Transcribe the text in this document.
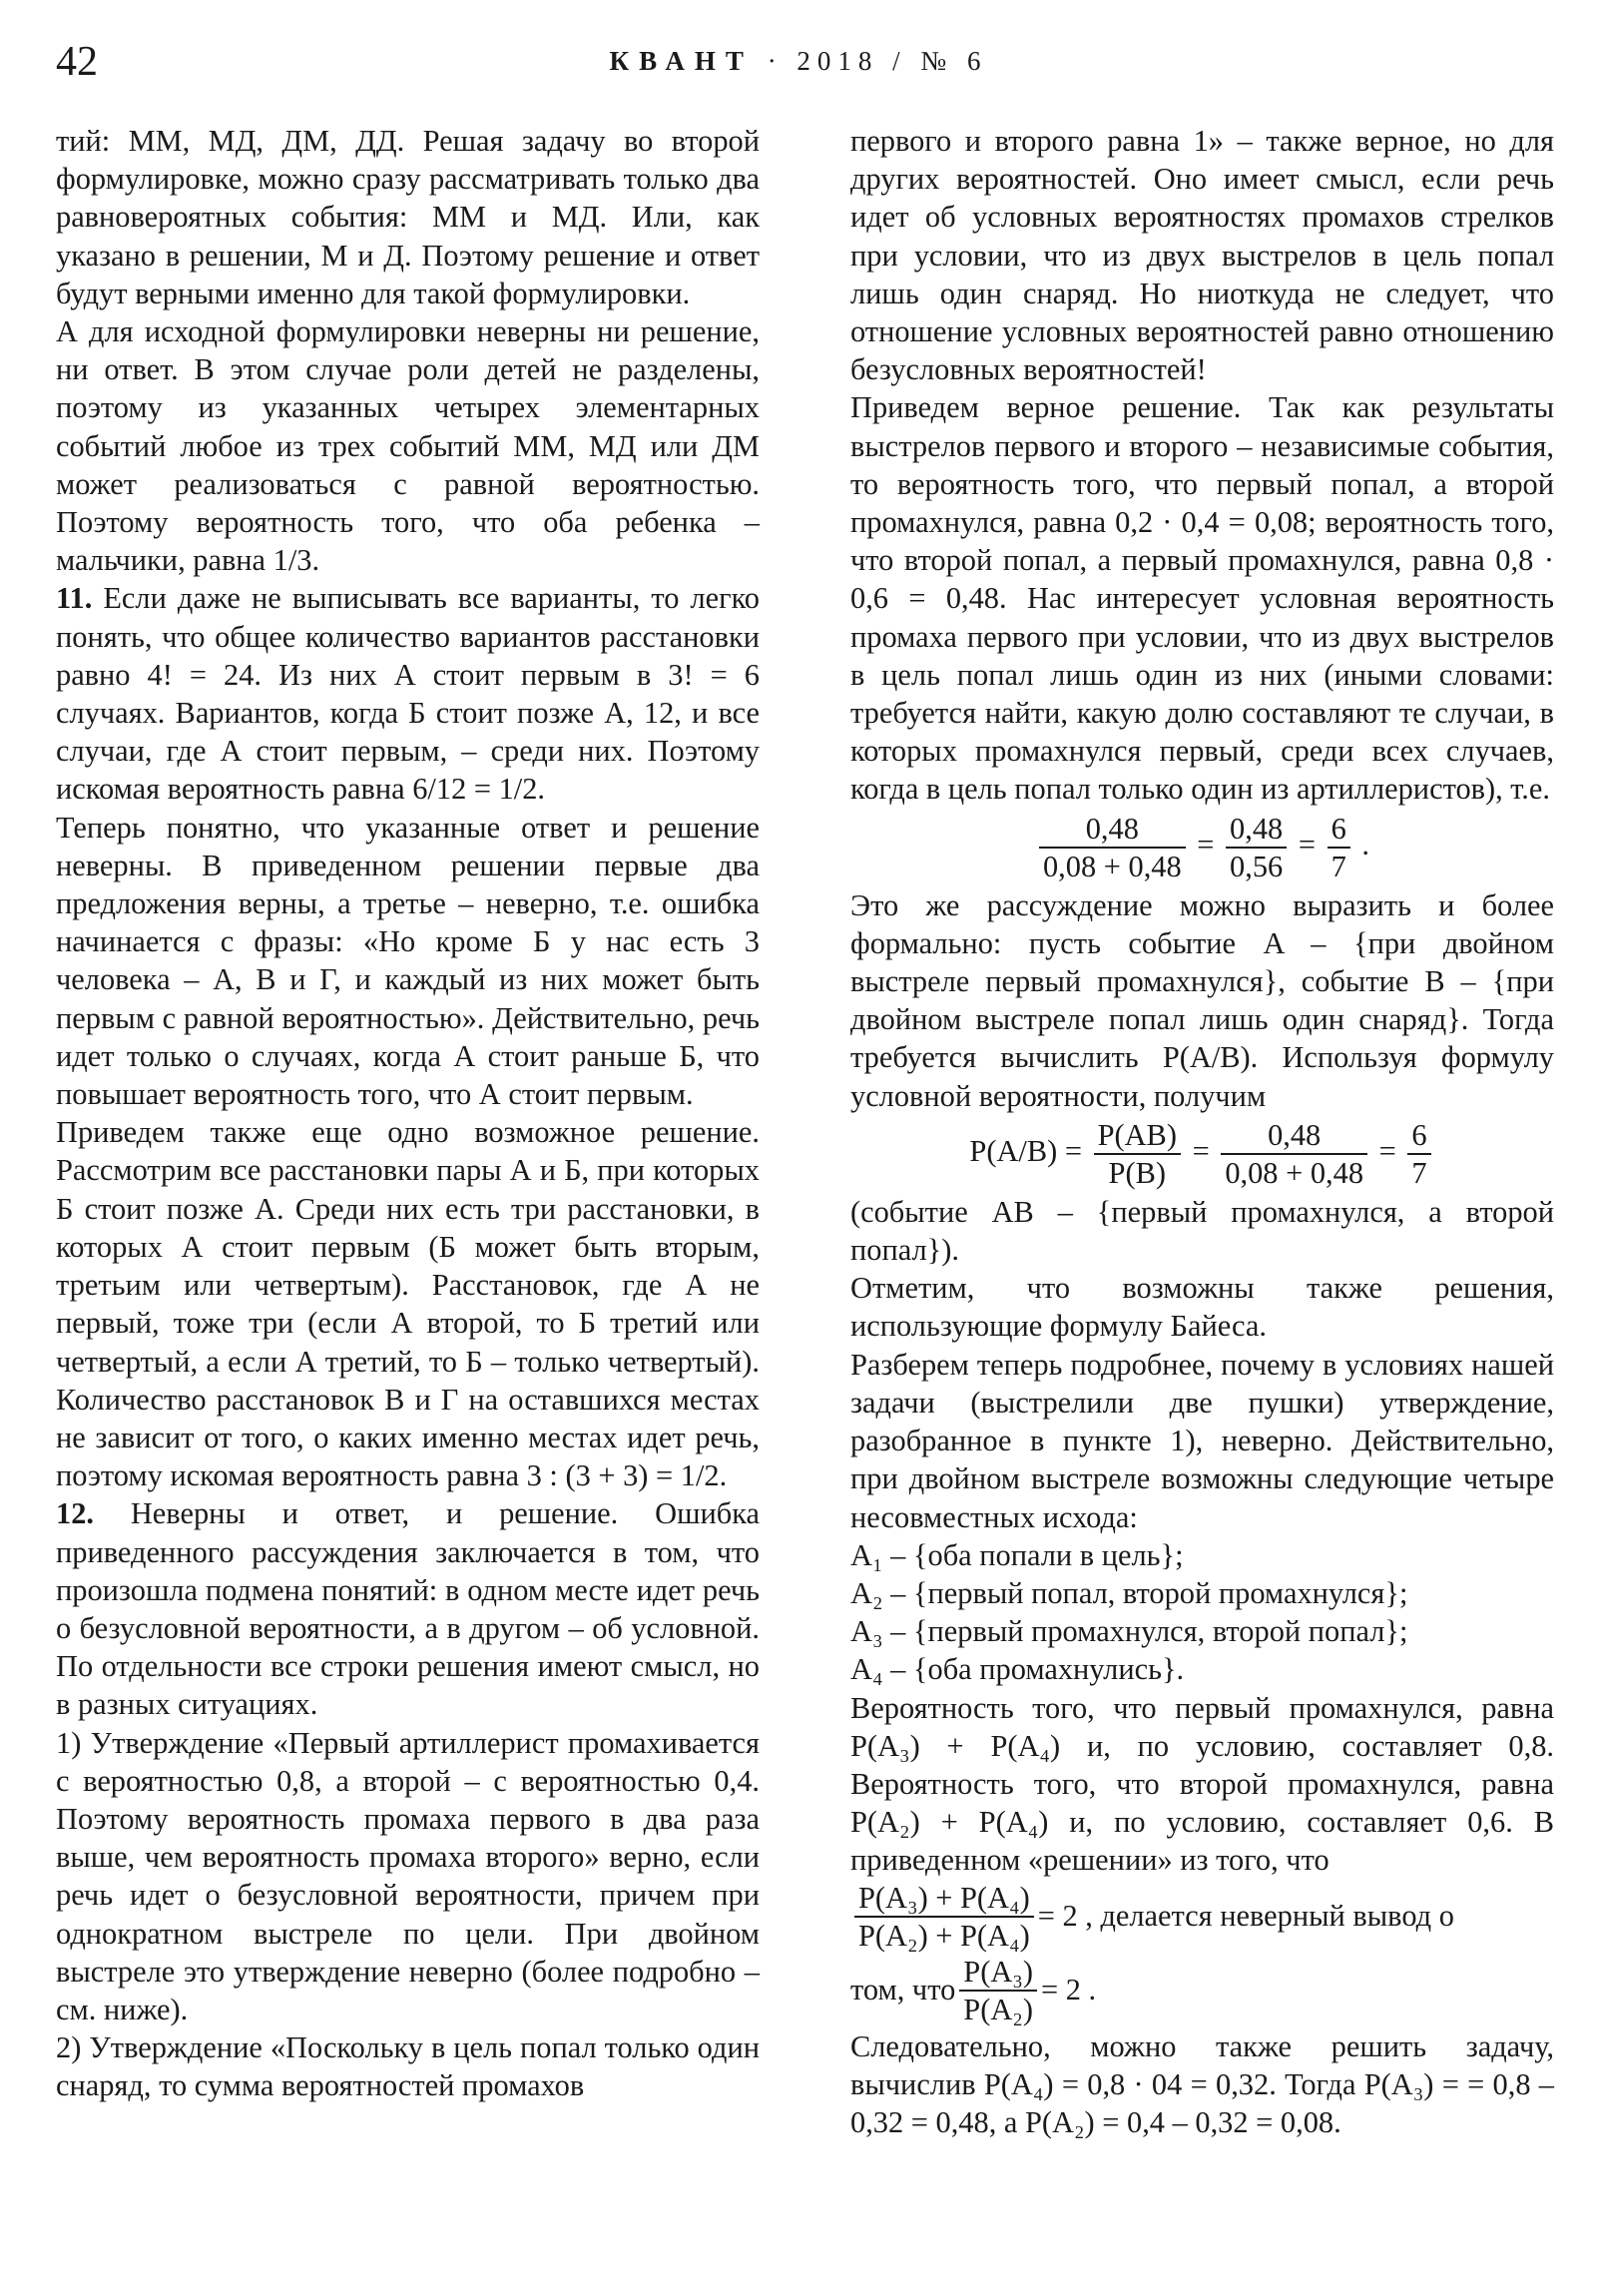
42	КВАНТ · 2018 / № 6

тий: ММ, МД, ДМ, ДД. Решая задачу во второй формулировке, можно сразу рассматривать только два равновероятных события: ММ и МД. Или, как указано в решении, М и Д. Поэтому решение и ответ будут верными именно для такой формулировки.

А для исходной формулировки неверны ни решение, ни ответ. В этом случае роли детей не разделены, поэтому из указанных четырех элементарных событий любое из трех событий ММ, МД или ДМ может реализоваться с равной вероятностью. Поэтому вероятность того, что оба ребенка – мальчики, равна 1/3.

11. Если даже не выписывать все варианты, то легко понять, что общее количество вариантов расстановки равно 4! = 24. Из них А стоит первым в 3! = 6 случаях. Вариантов, когда Б стоит позже А, 12, и все случаи, где А стоит первым, – среди них. Поэтому искомая вероятность равна 6/12 = 1/2.

Теперь понятно, что указанные ответ и решение неверны. В приведенном решении первые два предложения верны, а третье – неверно, т.е. ошибка начинается с фразы: «Но кроме Б у нас есть 3 человека – А, В и Г, и каждый из них может быть первым с равной вероятностью». Действительно, речь идет только о случаях, когда А стоит раньше Б, что повышает вероятность того, что А стоит первым.

Приведем также еще одно возможное решение. Рассмотрим все расстановки пары А и Б, при которых Б стоит позже А. Среди них есть три расстановки, в которых А стоит первым (Б может быть вторым, третьим или четвертым). Расстановок, где А не первый, тоже три (если А второй, то Б третий или четвертый, а если А третий, то Б – только четвертый). Количество расстановок В и Г на оставшихся местах не зависит от того, о каких именно местах идет речь, поэтому искомая вероятность равна 3 : (3 + 3) = 1/2.

12. Неверны и ответ, и решение. Ошибка приведенного рассуждения заключается в том, что произошла подмена понятий: в одном месте идет речь о безусловной вероятности, а в другом – об условной. По отдельности все строки решения имеют смысл, но в разных ситуациях.

1) Утверждение «Первый артиллерист промахивается с вероятностью 0,8, а второй – с вероятностью 0,4. Поэтому вероятность промаха первого в два раза выше, чем вероятность промаха второго» верно, если речь идет о безусловной вероятности, причем при однократном выстреле по цели. При двойном выстреле это утверждение неверно (более подробно – см. ниже).

2) Утверждение «Поскольку в цель попал только один снаряд, то сумма вероятностей промахов

первого и второго равна 1» – также верное, но для других вероятностей. Оно имеет смысл, если речь идет об условных вероятностях промахов стрелков при условии, что из двух выстрелов в цель попал лишь один снаряд. Но ниоткуда не следует, что отношение условных вероятностей равно отношению безусловных вероятностей!

Приведем верное решение. Так как результаты выстрелов первого и второго – независимые события, то вероятность того, что первый попал, а второй промахнулся, равна 0,2 · 0,4 = 0,08; вероятность того, что второй попал, а первый промахнулся, равна 0,8 · 0,6 = 0,48. Нас интересует условная вероятность промаха первого при условии, что из двух выстрелов в цель попал лишь один из них (иными словами: требуется найти, какую долю составляют те случаи, в которых промахнулся первый, среди всех случаев, когда в цель попал только один из артиллеристов), т.е.

$\frac{0,48}{0,08 + 0,48} = \frac{0,48}{0,56} = \frac{6}{7}$ .

Это же рассуждение можно выразить и более формально: пусть событие A – {при двойном выстреле первый промахнулся}, событие B – {при двойном выстреле попал лишь один снаряд}. Тогда требуется вычислить P(A/B). Используя формулу условной вероятности, получим

$P(A/B) = \frac{P(AB)}{P(B)} = \frac{0,48}{0,08 + 0,48} = \frac{6}{7}$

(событие AB – {первый промахнулся, а второй попал}).

Отметим, что возможны также решения, использующие формулу Байеса.

Разберем теперь подробнее, почему в условиях нашей задачи (выстрелили две пушки) утверждение, разобранное в пункте 1), неверно. Действительно, при двойном выстреле возможны следующие четыре несовместных исхода:

A₁ – {оба попали в цель};

A₂ – {первый попал, второй промахнулся};

A₃ – {первый промахнулся, второй попал};

A₄ – {оба промахнулись}.

Вероятность того, что первый промахнулся, равна P(A₃) + P(A₄) и, по условию, составляет 0,8. Вероятность того, что второй промахнулся, равна P(A₂) + P(A₄) и, по условию, составляет 0,6. В приведенном «решении» из того, что

$\frac{\text{P(A₃) + P(A₄)}}{\text{P(A₂) + P(A₄)}} = 2$ , делается неверный вывод о
том, что $\frac{\text{P(A₃)}}{\text{P(A₂)}} = 2$ .

Следовательно, можно также решить задачу, вычислив P(A₄) = 0,8 · 04 = 0,32. Тогда P(A₃) = = 0,8 – 0,32 = 0,48, а P(A₂) = 0,4 – 0,32 = 0,08.
